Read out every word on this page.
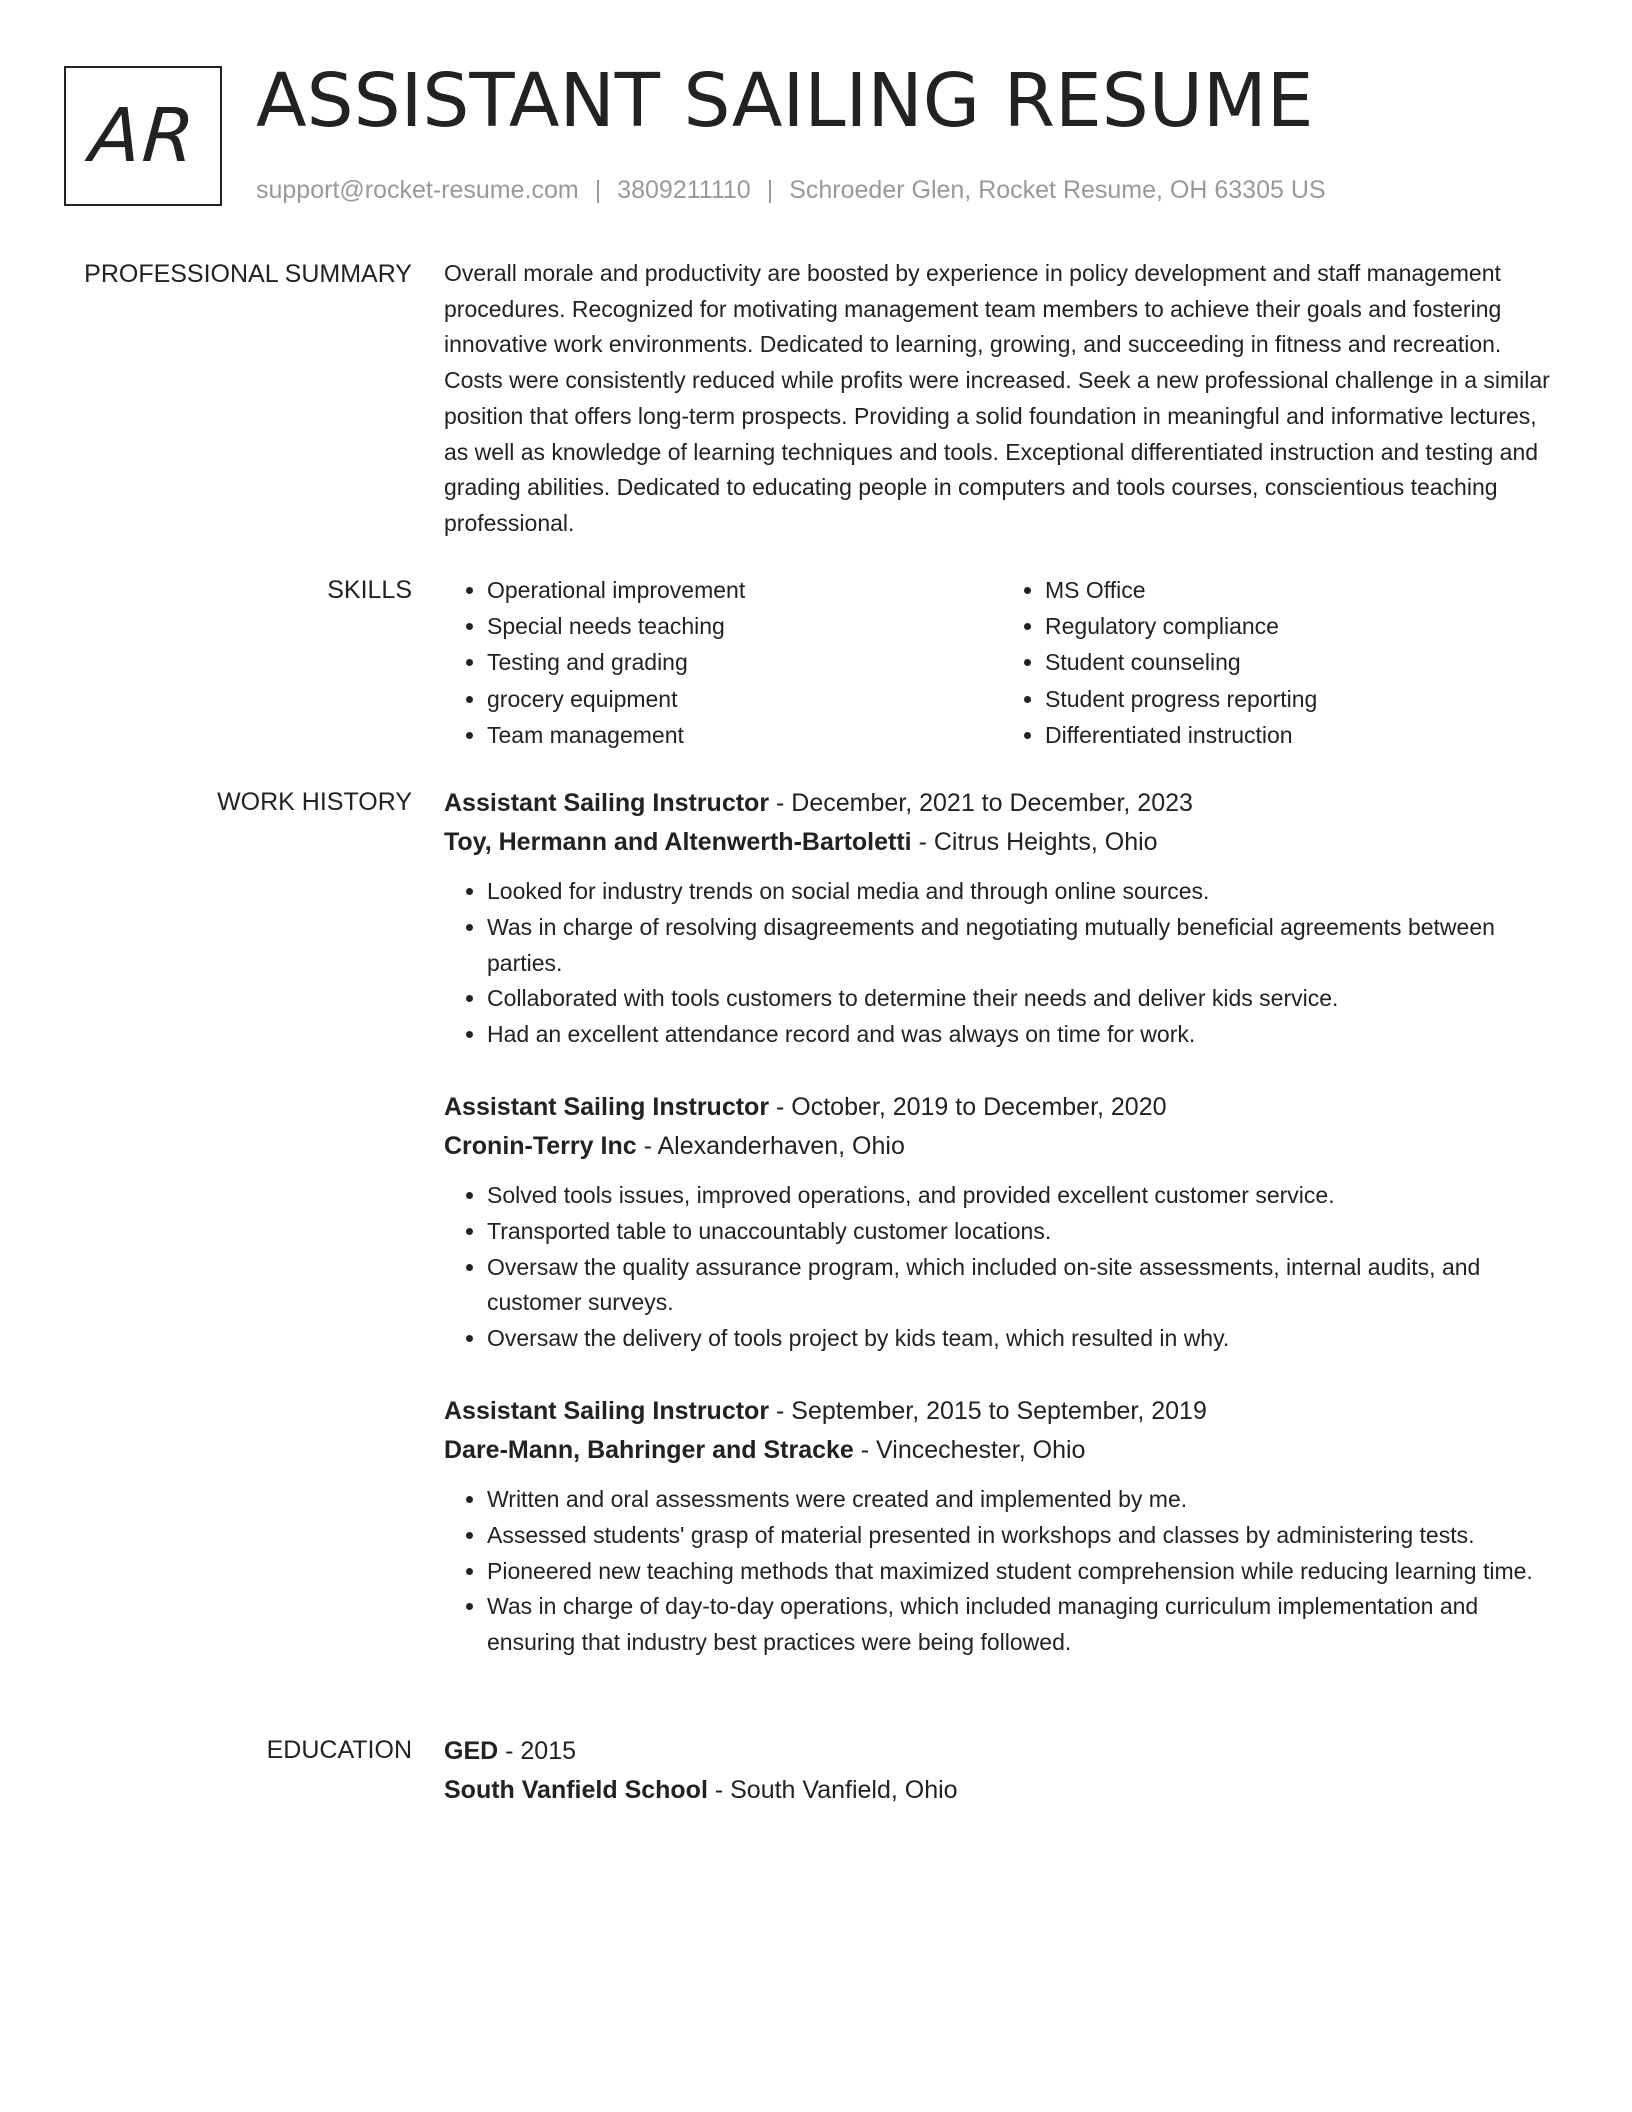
AR ASSISTANT SAILING RESUME
support@rocket-resume.com | 3809211110 | Schroeder Glen, Rocket Resume, OH 63305 US
PROFESSIONAL SUMMARY Overall morale and productivity are boosted by experience in policy development and staff management procedures. Recognized for motivating management team members to achieve their goals and fostering innovative work environments. Dedicated to learning, growing, and succeeding in fitness and recreation. Costs were consistently reduced while profits were increased. Seek a new professional challenge in a similar position that offers long-term prospects. Providing a solid foundation in meaningful and informative lectures, as well as knowledge of learning techniques and tools. Exceptional differentiated instruction and testing and grading abilities. Dedicated to educating people in computers and tools courses, conscientious teaching professional.

SKILLS
•	Operational improvement
• Special needs teaching
• Testing and grading
• grocery equipment
• Team management
• MS Office
• Regulatory compliance
• Student counseling
• Student progress reporting
• Differentiated instruction
WORK HISTORY Assistant Sailing Instructor - December, 2021 to December, 2023
Toy, Hermann and Altenwerth-Bartoletti - Citrus Heights, Ohio
• Looked for industry trends on social media and through online sources.
• Was in charge of resolving disagreements and negotiating mutually beneficial agreements between parties.
• Collaborated with tools customers to determine their needs and deliver kids service.
• Had an excellent attendance record and was always on time for work.
Assistant Sailing Instructor - October, 2019 to December, 2020
Cronin-Terry Inc - Alexanderhaven, Ohio
• Solved tools issues, improved operations, and provided excellent customer service.
• Transported table to unaccountably customer locations.
• Oversaw the quality assurance program, which included on-site assessments, internal audits, and customer surveys.
• Oversaw the delivery of tools project by kids team, which resulted in why.
Assistant Sailing Instructor - September, 2015 to September, 2019
Dare-Mann, Bahringer and Stracke - Vincechester, Ohio
• Written and oral assessments were created and implemented by me.
• Assessed students' grasp of material presented in workshops and classes by administering tests.
• Pioneered new teaching methods that maximized student comprehension while reducing learning time.
• Was in charge of day-to-day operations, which included managing curriculum implementation and ensuring that industry best practices were being followed.
EDUCATION GED - 2015
South Vanfield School - South Vanfield, Ohio
